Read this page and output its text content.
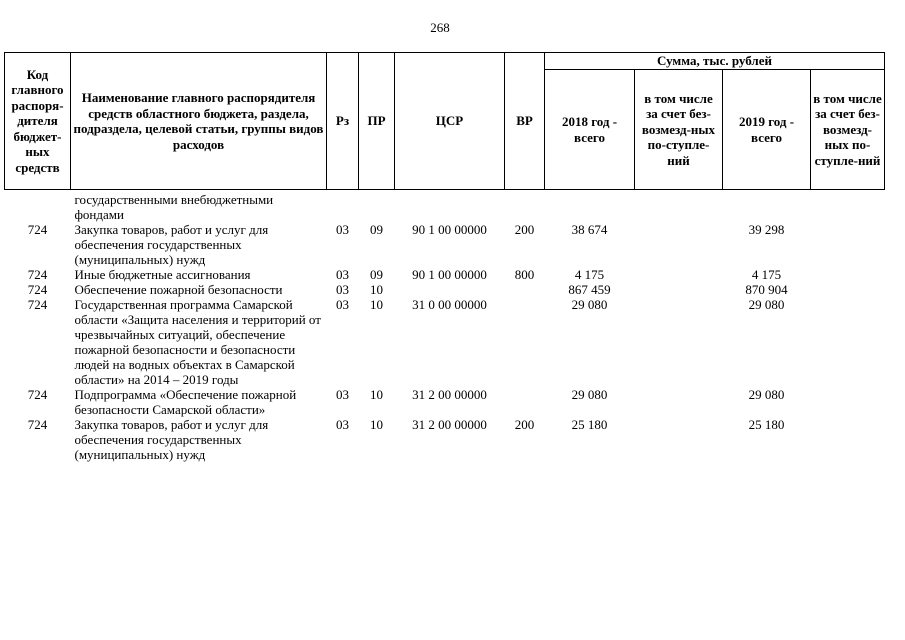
268
Код главного распоря-дителя бюджет-ных средств	Наименование главного распорядителя средств областного бюджета, раздела, подраздела, целевой статьи, группы видов расходов	Рз	ПР	ЦСР	ВР	Сумма, тыс. рублей			
						2018 год - всего	в том числе за счет без-возмезд-ных по-ступле-ний	2019 год - всего	в том числе за счет без-возмезд-ных по-ступле-ний
	государственными внебюджетными фондами								
724	Закупка товаров, работ и услуг для обеспечения государственных (муниципальных) нужд	03	09	90 1 00 00000	200	38 674		39 298	
724	Иные бюджетные ассигнования	03	09	90 1 00 00000	800	4 175		4 175	
724	Обеспечение пожарной безопасности	03	10			867 459		870 904	
724	Государственная программа Самарской области «Защита населения и территорий от чрезвычайных ситуаций, обеспечение пожарной безопасности и безопасности людей на водных объектах в Самарской области» на 2014 – 2019 годы	03	10	31 0 00 00000		29 080		29 080	
724	Подпрограмма «Обеспечение пожарной безопасности Самарской области»	03	10	31 2 00 00000		29 080		29 080	
724	Закупка товаров, работ и услуг для обеспечения государственных (муниципальных) нужд	03	10	31 2 00 00000	200	25 180		25 180	
